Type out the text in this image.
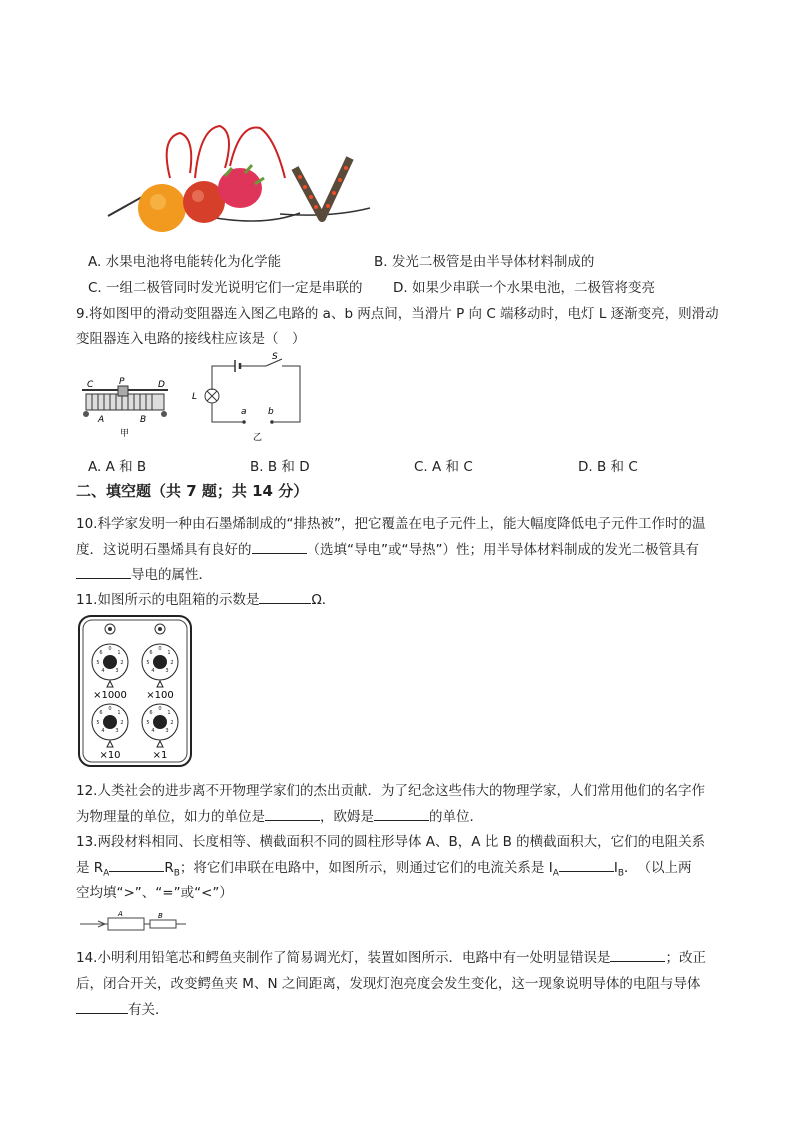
A. 水果电池将电能转化为化学能	B. 发光二极管是由半导体材料制成的
C. 一组二极管同时发光说明它们一定是串联的 D. 如果少串联一个水果电池，二极管将变亮
9.将如图甲的滑动变阻器连入图乙电路的 a、b 两点间，当滑片 P 向 C 端移动时，电灯 L 逐渐变亮，则滑动
变阻器连入电路的接线柱应该是（　）
C	P	D
A	B
甲
S
L
a b
乙
A. A 和 B	B. B 和 D	C. A 和 C	D. B 和 C
二、填空题（共 7 题；共 14 分）
10.科学家发明一种由石墨烯制成的“排热被”，把它覆盖在电子元件上，能大幅度降低电子元件工作时的温
度．这说明石墨烯具有良好的	（选填“导电”或“导热”）性；用半导体材料制成的发光二极管具有
导电的属性．
11.如图所示的电阻箱的示数是	Ω．
0
1
2
3
4
5
6
0
1
2
3
4
5
6
0
1
2
3
4
5
6
0
1
2
3
4
5
6
×1000 ×100
×10	×1
12.人类社会的进步离不开物理学家们的杰出贡献．为了纪念这些伟大的物理学家，人们常用他们的名字作
为物理量的单位，如力的单位是	，欧姆是	的单位．
13.两段材料相同、长度相等、横截面积不同的圆柱形导体 A、B，A 比 B 的横截面积大，它们的电阻关系
是 $R_A$	$R_B$；将它们串联在电路中，如图所示，则通过它们的电流关系是 $I_A$	$I_B$．　（以上两
空均填“>”、“=”或“<”）
A	B
14.小明利用铅笔芯和鳄鱼夹制作了简易调光灯，装置如图所示．电路中有一处明显错误是	；改正
后，闭合开关，改变鳄鱼夹 M、N 之间距离，发现灯泡亮度会发生变化，这一现象说明导体的电阻与导体
有关．
